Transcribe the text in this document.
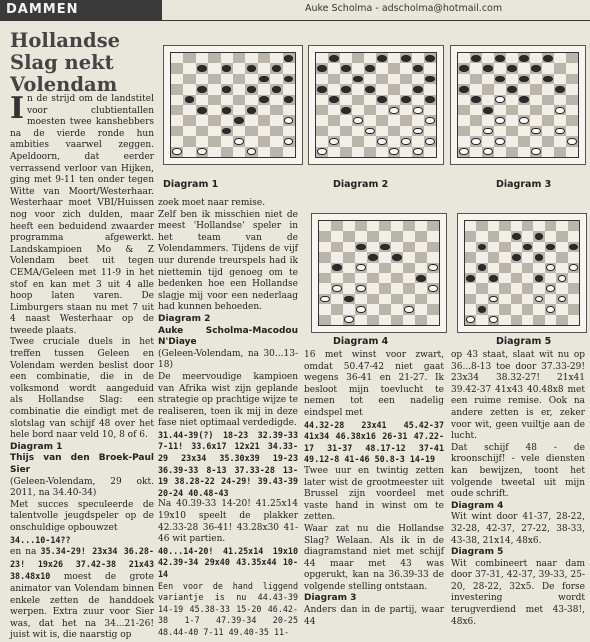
DAMMEN	Auke Scholma - adscholma@hotmail.com
Hollandse Slag nekt Volendam

In de strijd om de landstitel voor clubtientallen moesten twee kanshebbers na de vierde ronde hun ambities vaarwel zeggen. Apeldoorn, dat eerder verrassend verloor van Hijken, ging met 9-11 ten onder tegen Witte van Moort/Westerhaar. Westerhaar moet VBI/Huissen nog voor zich dulden, maar heeft een beduidend zwaarder programma afgewerkt. Landskampioen Mo & Z Volendam beet uit tegen CEMA/Geleen met 11-9 in het stof en kan met 3 uit 4 alle hoop laten varen. De Limburgers staan nu met 7 uit 4 naast Westerhaar op de tweede plaats.

Twee cruciale duels in het treffen tussen Geleen en Volendam werden beslist door een combinatie, die in de volksmond wordt aangeduid als Hollandse Slag: een combinatie die eindigt met de slotslag van schijf 48 over het hele bord naar veld 10, 8 of 6.

Diagram 1

Thijs van den Broek-Paul Sier

(Geleen-Volendam, 29 okt. 2011, na 34.40-34)

Met succes speculeerde de talentvolle jeugdspeler op de onschuldige opbouwzet

34...10-14??

en na 35.34-29! 23x34 36.28-23! 19x26 37.42-38 21x43 38.48x10 moest de grote animator van Volendam binnen enkele zetten de handdoek werpen. Extra zuur voor Sier was, dat het na 34...21-26! juist wit is, die naarstig op

zoek moet naar remise.

Zelf ben ik misschien niet de meest 'Hollandse' speler in het team van de Volendammers. Tijdens de vijf uur durende treurspels had ik niettemin tijd genoeg om te bedenken hoe een Hollandse slagje mij voor een nederlaag had kunnen behoeden.

Diagram 2

Auke Scholma-Macodou N'Diaye

(Geleen-Volendam, na 30...13-18)

De meervoudige kampioen van Afrika wist zijn geplande strategie op prachtige wijze te realiseren, toen ik mij in deze fase niet optimaal verdedigde.

31.44-39(?) 18-23 32.39-33 7-11! 33.6x17 12x21 34.33-29 23x34 35.30x39 19-23 36.39-33 8-13 37.33-28 13-19 38.28-22 24-29! 39.43-39 20-24 40.48-43

Na 40.39-33 14-20! 41.25x14 19x10 speelt de plakker 42.33-28 36-41! 43.28x30 41-46 wit partien.

40...14-20! 41.25x14 19x10 42.39-34 29x40 43.35x44 10-14

Een voor de hand liggend variantje is nu 44.43-39 14-19 45.38-33 15-20 46.42-38 1-7 47.39-34 20-25 48.44-40 7-11 49.40-35 11-

16 met winst voor zwart, omdat 50.47-42 niet gaat wegens 36-41 en 21-27. Ik besloot mijn toevlucht te nemen tot een nadelig eindspel met

44.32-28 23x41 45.42-37 41x34 46.38x16 26-31 47.22-17 31-37 48.17-12 37-41 49.12-8 41-46 50.8-3 14-19

Twee uur en twintig zetten later wist de grootmeester uit Brussel zijn voordeel met vaste hand in winst om te zetten.

Waar zat nu die Hollandse Slag? Welaan. Als ik in de diagramstand niet met schijf 44 maar met 43 was opgerukt, kan na 36.39-33 de volgende stelling ontstaan.

Diagram 3

Anders dan in de partij, waar 44

op 43 staat, slaat wit nu op 36...8-13 toe door 37.33-29! 23x34 38.32-27! 21x41 39.42-37 41x43 40.48x8 met een ruime remise. Ook na andere zetten is er, zeker voor wit, geen vuiltje aan de lucht.

Dat schijf 48 - de kroonschijf! - vele diensten kan bewijzen, toont het volgende tweetal uit mijn oude schrift.

Diagram 4

Wit wint door 41-37, 28-22, 32-28, 42-37, 27-22, 38-33, 43-38, 21x14, 48x6.

Diagram 5

Wit combineert naar dam door 37-31, 42-37, 39-33, 25-20, 28-22, 32x5. De forse investering wordt terugverdiend met 43-38!, 48x6.

Diagram 1	Diagram 2	Diagram 3
Diagram 4	Diagram 5
